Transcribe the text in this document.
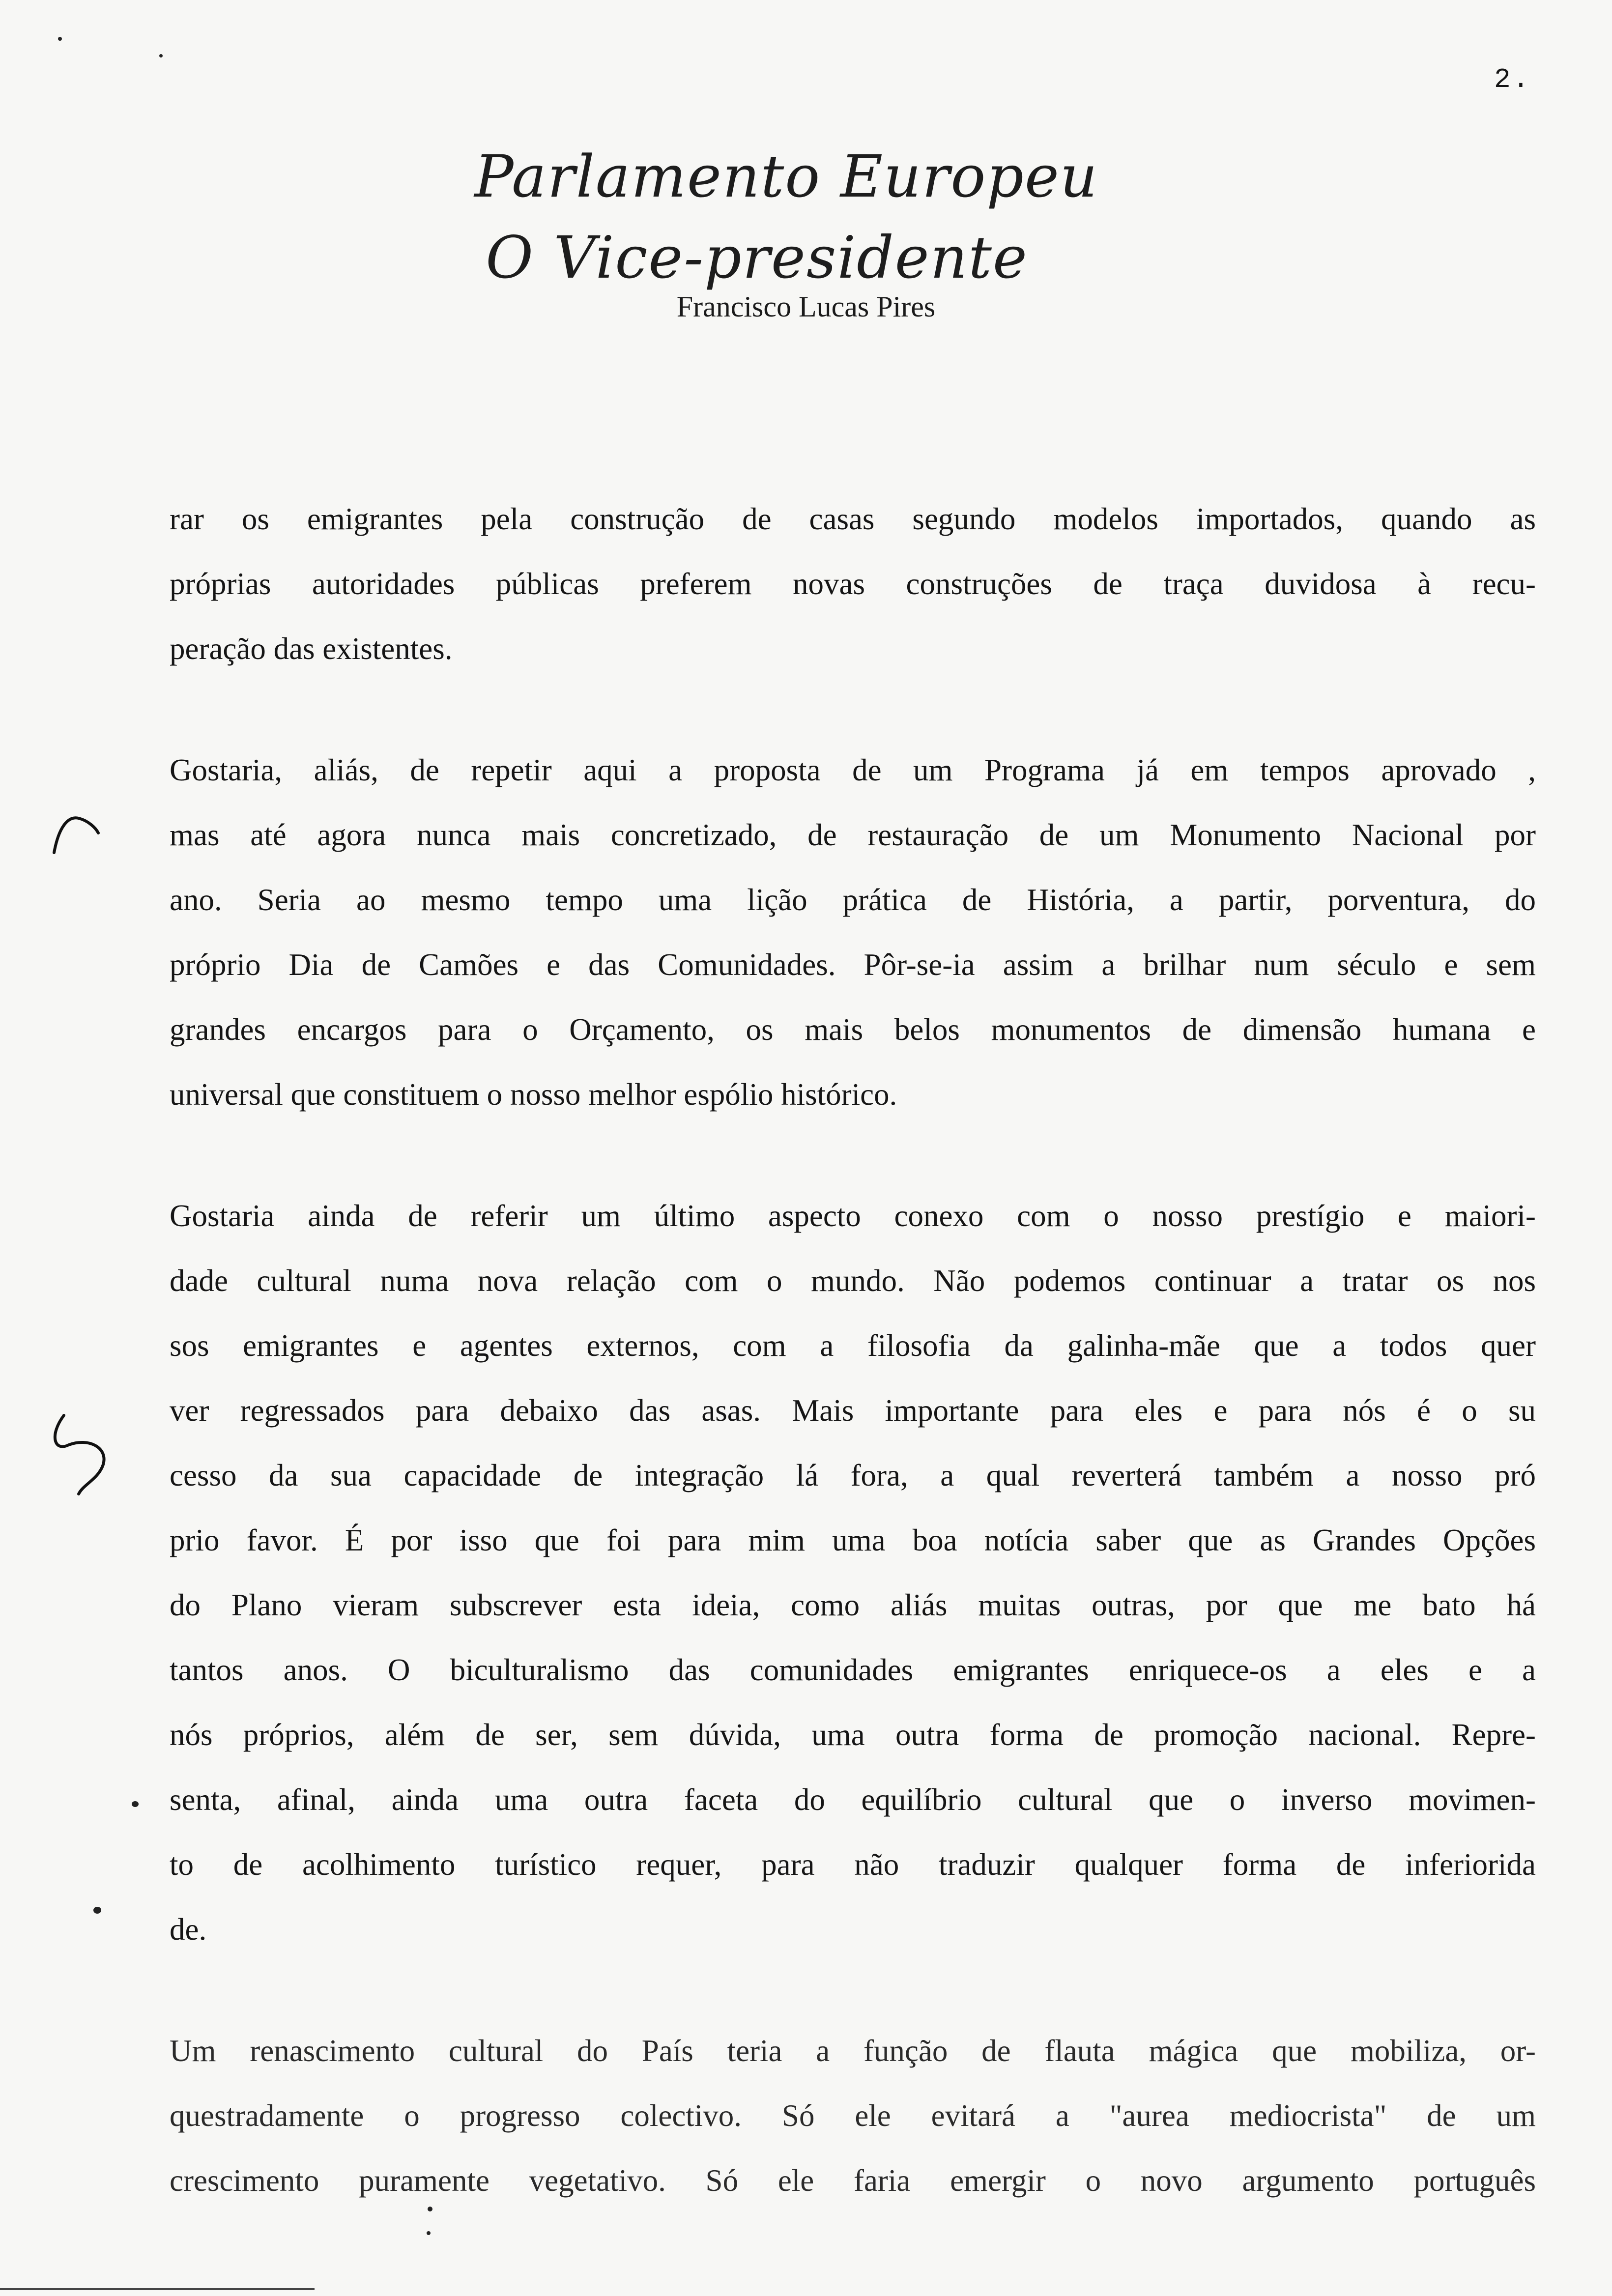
2.
Parlamento Europeu
O Vice-presidente
Francisco Lucas Pires
rar os emigrantes pela construção de casas segundo modelos importados, quando as
próprias autoridades públicas preferem novas construções de traça duvidosa à recu-
peração das existentes.
Gostaria, aliás, de repetir aqui a proposta de um Programa já em tempos aprovado ,
mas até agora nunca mais concretizado, de restauração de um Monumento Nacional por
ano. Seria ao mesmo tempo uma lição prática de História, a partir, porventura, do
próprio Dia de Camões e das Comunidades. Pôr-se-ia assim a brilhar num século e sem
grandes encargos para o Orçamento, os mais belos monumentos de dimensão humana e
universal que constituem o nosso melhor espólio histórico.
Gostaria ainda de referir um último aspecto conexo com o nosso prestígio e maiori-
dade cultural numa nova relação com o mundo. Não podemos continuar a tratar os nos
sos emigrantes e agentes externos, com a filosofia da galinha-mãe que a todos quer
ver regressados para debaixo das asas. Mais importante para eles e para nós é o su
cesso da sua capacidade de integração lá fora, a qual reverterá também a nosso pró
prio favor. É por isso que foi para mim uma boa notícia saber que as Grandes Opções
do Plano vieram subscrever esta ideia, como aliás muitas outras, por que me bato há
tantos anos. O biculturalismo das comunidades emigrantes enriquece-os a eles e a
nós próprios, além de ser, sem dúvida, uma outra forma de promoção nacional. Repre-
senta, afinal, ainda uma outra faceta do equilíbrio cultural que o inverso movimen-
to de acolhimento turístico requer, para não traduzir qualquer forma de inferiorida
de.
Um renascimento cultural do País teria a função de flauta mágica que mobiliza, or-
questradamente o progresso colectivo. Só ele evitará a "aurea mediocrista" de um
crescimento puramente vegetativo. Só ele faria emergir o novo argumento português
